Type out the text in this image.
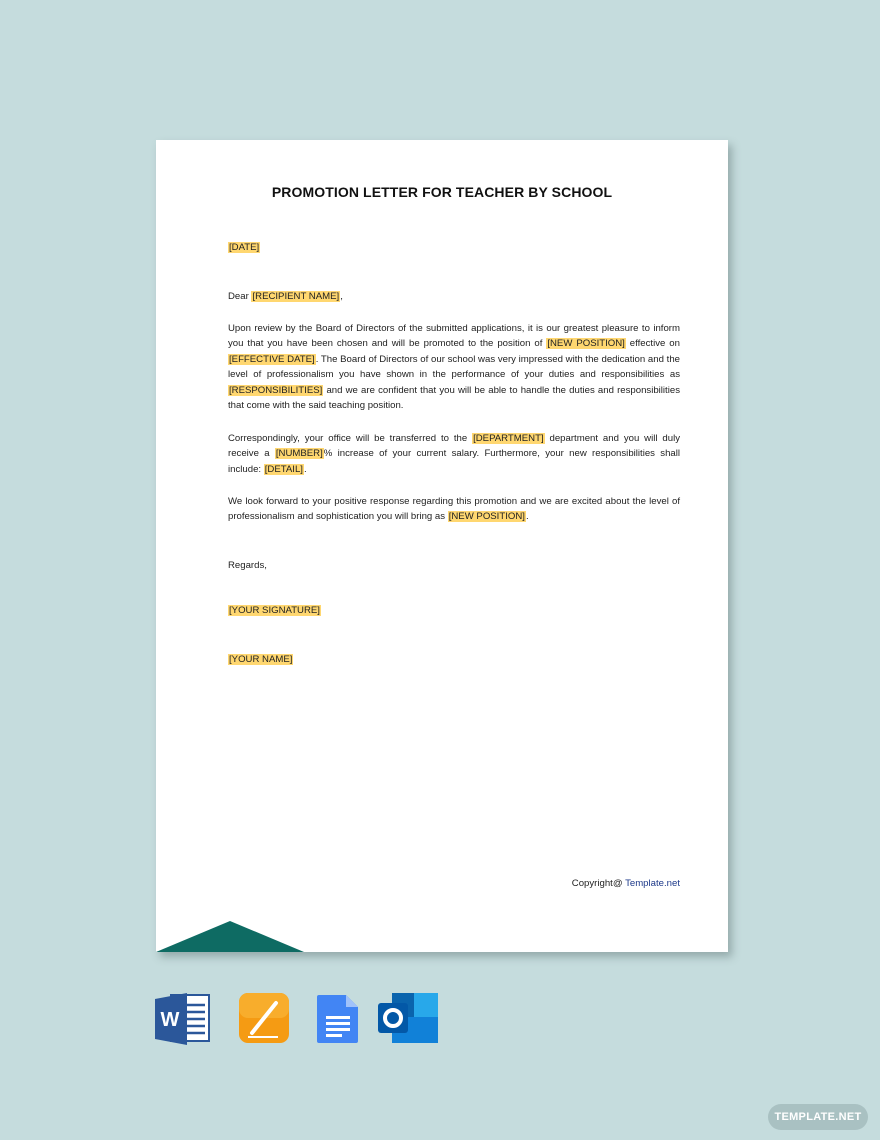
PROMOTION LETTER FOR TEACHER BY SCHOOL
[DATE]
Dear [RECIPIENT NAME],
Upon review by the Board of Directors of the submitted applications, it is our greatest pleasure to inform you that you have been chosen and will be promoted to the position of [NEW POSITION] effective on [EFFECTIVE DATE]. The Board of Directors of our school was very impressed with the dedication and the level of professionalism you have shown in the performance of your duties and responsibilities as [RESPONSIBILITIES] and we are confident that you will be able to handle the duties and responsibilities that come with the said teaching position.
Correspondingly, your office will be transferred to the [DEPARTMENT] department and you will duly receive a [NUMBER]% increase of your current salary. Furthermore, your new responsibilities shall include: [DETAIL].
We look forward to your positive response regarding this promotion and we are excited about the level of professionalism and sophistication you will bring as [NEW POSITION].
Regards,
[YOUR SIGNATURE]
[YOUR NAME]
Copyright@ Template.net
W
TEMPLATE.NET
